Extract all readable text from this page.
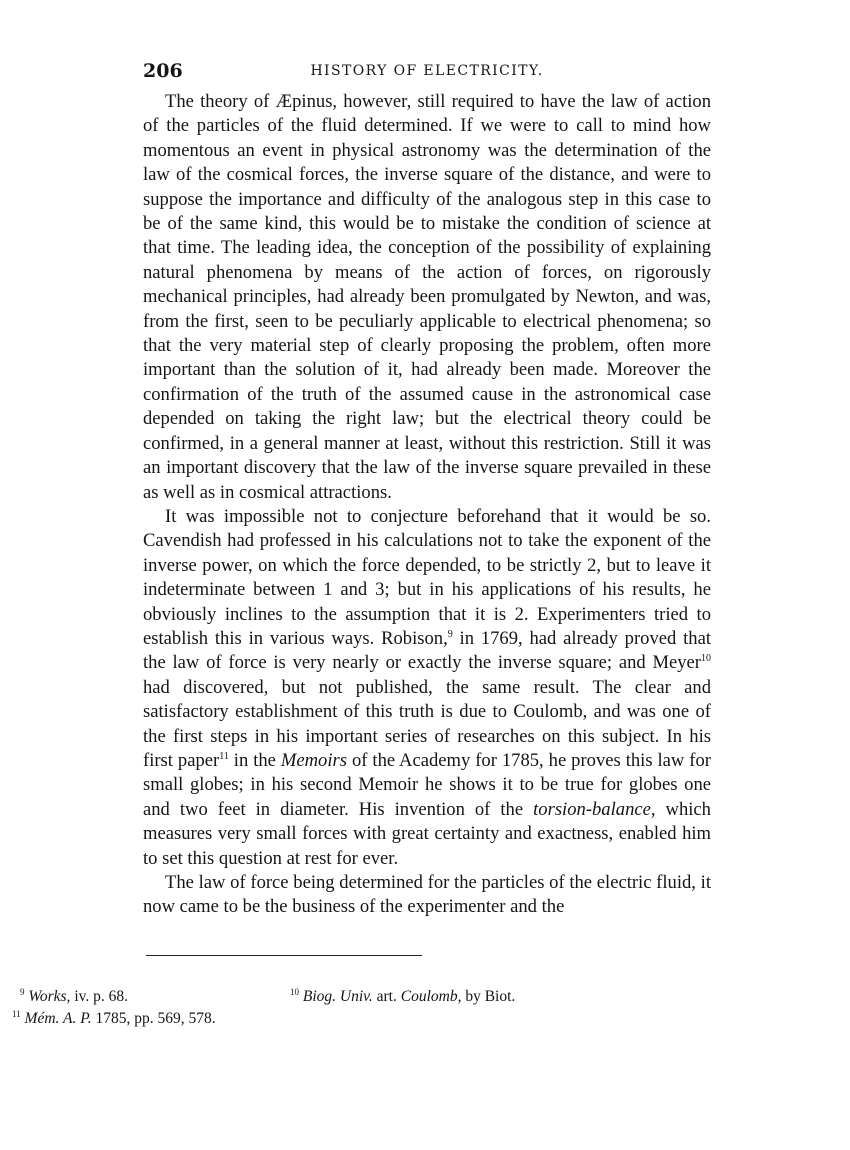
206	HISTORY OF ELECTRICITY.

The theory of Æpinus, however, still required to have the law of action of the particles of the fluid determined. If we were to call to mind how momentous an event in physical astronomy was the determination of the law of the cosmical forces, the inverse square of the distance, and were to suppose the importance and difficulty of the analogous step in this case to be of the same kind, this would be to mistake the condition of science at that time. The leading idea, the conception of the possibility of explaining natural phenomena by means of the action of forces, on rigorously mechanical principles, had already been promulgated by Newton, and was, from the first, seen to be peculiarly applicable to electrical phenomena; so that the very material step of clearly proposing the problem, often more important than the solution of it, had already been made. Moreover the confirmation of the truth of the assumed cause in the astronomical case depended on taking the right law; but the electrical theory could be confirmed, in a general manner at least, without this restriction. Still it was an important discovery that the law of the inverse square prevailed in these as well as in cosmical attractions.

It was impossible not to conjecture beforehand that it would be so. Cavendish had professed in his calculations not to take the exponent of the inverse power, on which the force depended, to be strictly 2, but to leave it indeterminate between 1 and 3; but in his applications of his results, he obviously inclines to the assumption that it is 2. Experimenters tried to establish this in various ways. Robison,$^9$ in 1769, had already proved that the law of force is very nearly or exactly the inverse square; and Meyer$^{10}$ had discovered, but not published, the same result. The clear and satisfactory establishment of this truth is due to Coulomb, and was one of the first steps in his important series of researches on this subject. In his first paper$^{11}$ in the Memoirs of the Academy for 1785, he proves this law for small globes; in his second Memoir he shows it to be true for globes one and two feet in diameter. His invention of the torsion-balance, which measures very small forces with great certainty and exactness, enabled him to set this question at rest for ever.

The law of force being determined for the particles of the electric fluid, it now came to be the business of the experimenter and the

$^9$ Works, iv. p. 68.	$^{10}$ Biog. Univ. art. Coulomb, by Biot.
$^{11}$ Mém. A. P. 1785, pp. 569, 578.
